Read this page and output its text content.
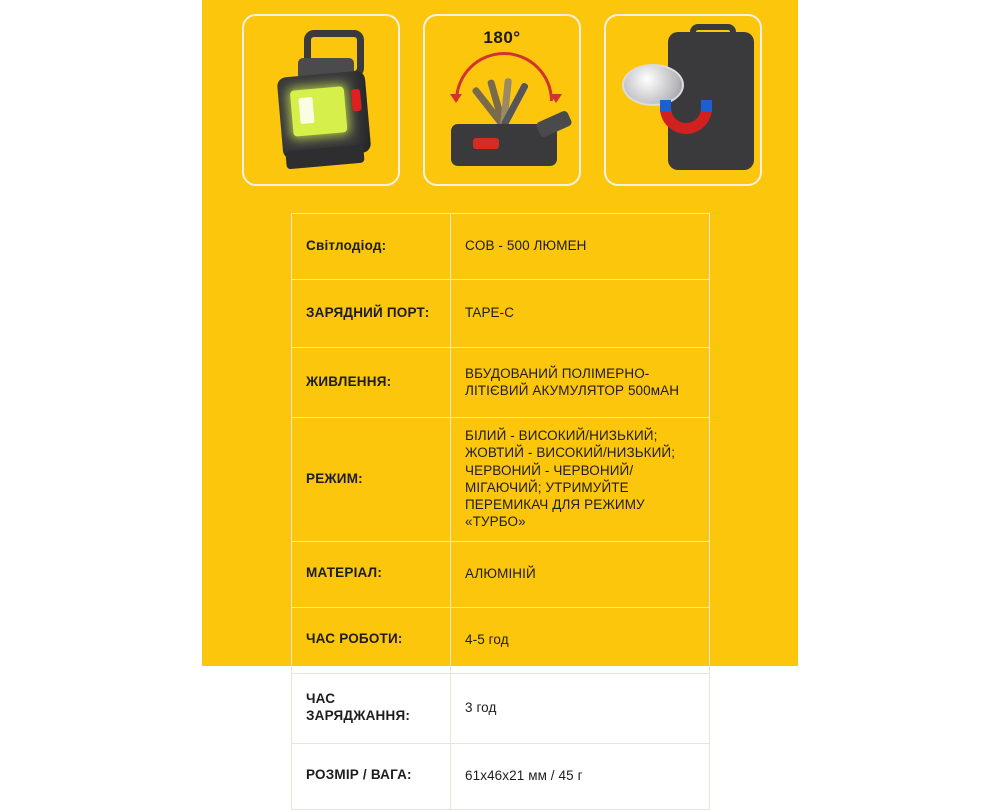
180°
Світлодіод:	COB - 500 ЛЮМЕН
ЗАРЯДНИЙ ПОРТ:	TAPE-C
ЖИВЛЕННЯ:	ВБУДОВАНИЙ ПОЛІМЕРНО-ЛІТІЄВИЙ АКУМУЛЯТОР 500мАН
РЕЖИМ:	БІЛИЙ - ВИСОКИЙ/НИЗЬКИЙ; ЖОВТИЙ - ВИСОКИЙ/НИЗЬКИЙ; ЧЕРВОНИЙ - ЧЕРВОНИЙ/МІГАЮЧИЙ; УТРИМУЙТЕ ПЕРЕМИКАЧ ДЛЯ РЕЖИМУ «ТУРБО»
МАТЕРІАЛ:	АЛЮМІНІЙ
ЧАС РОБОТИ:	4-5 год
ЧАС ЗАРЯДЖАННЯ:	3 год
РОЗМІР / ВАГА:	61х46х21 мм / 45 г
